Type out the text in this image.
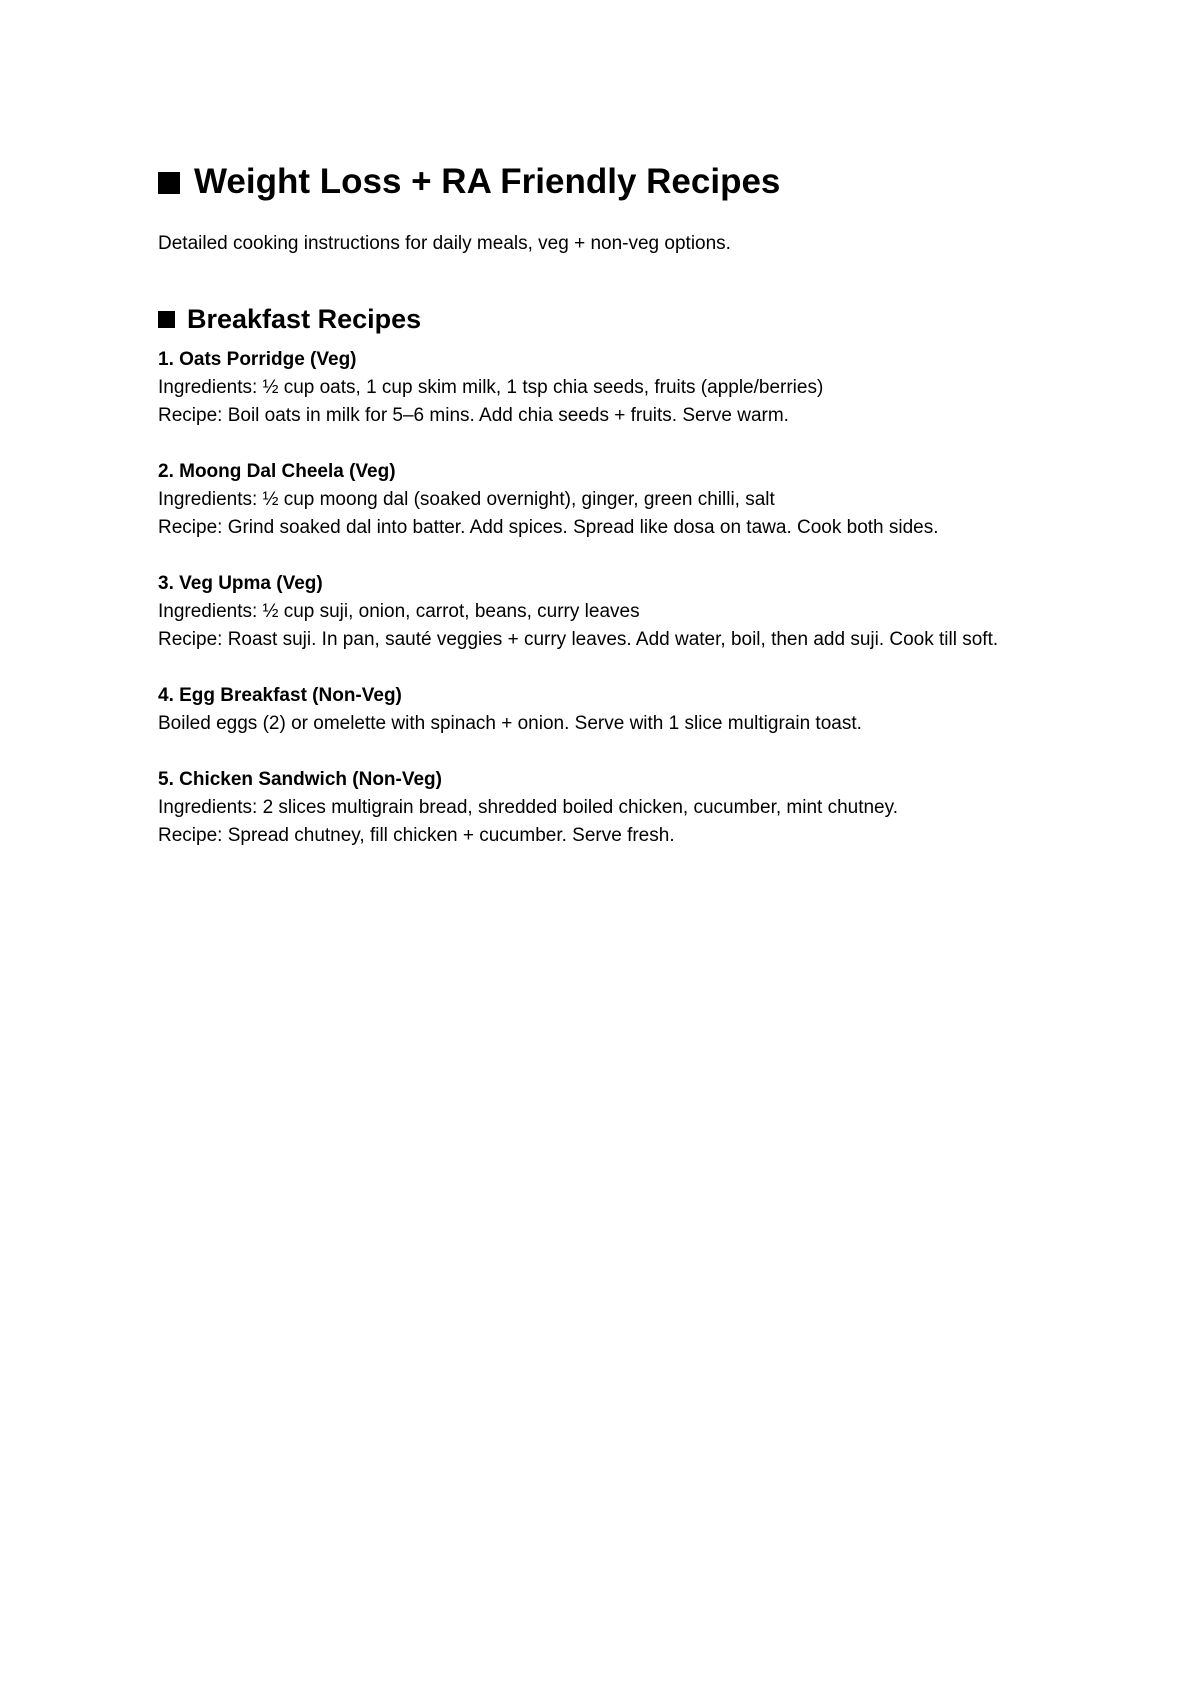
Weight Loss + RA Friendly Recipes

Detailed cooking instructions for daily meals, veg + non-veg options.

Breakfast Recipes

1. Oats Porridge (Veg)

Ingredients: ½ cup oats, 1 cup skim milk, 1 tsp chia seeds, fruits (apple/berries)

Recipe: Boil oats in milk for 5–6 mins. Add chia seeds + fruits. Serve warm.

2. Moong Dal Cheela (Veg)

Ingredients: ½ cup moong dal (soaked overnight), ginger, green chilli, salt

Recipe: Grind soaked dal into batter. Add spices. Spread like dosa on tawa. Cook both sides.

3. Veg Upma (Veg)

Ingredients: ½ cup suji, onion, carrot, beans, curry leaves

Recipe: Roast suji. In pan, sauté veggies + curry leaves. Add water, boil, then add suji. Cook till soft.

4. Egg Breakfast (Non-Veg)

Boiled eggs (2) or omelette with spinach + onion. Serve with 1 slice multigrain toast.

5. Chicken Sandwich (Non-Veg)

Ingredients: 2 slices multigrain bread, shredded boiled chicken, cucumber, mint chutney.

Recipe: Spread chutney, fill chicken + cucumber. Serve fresh.
